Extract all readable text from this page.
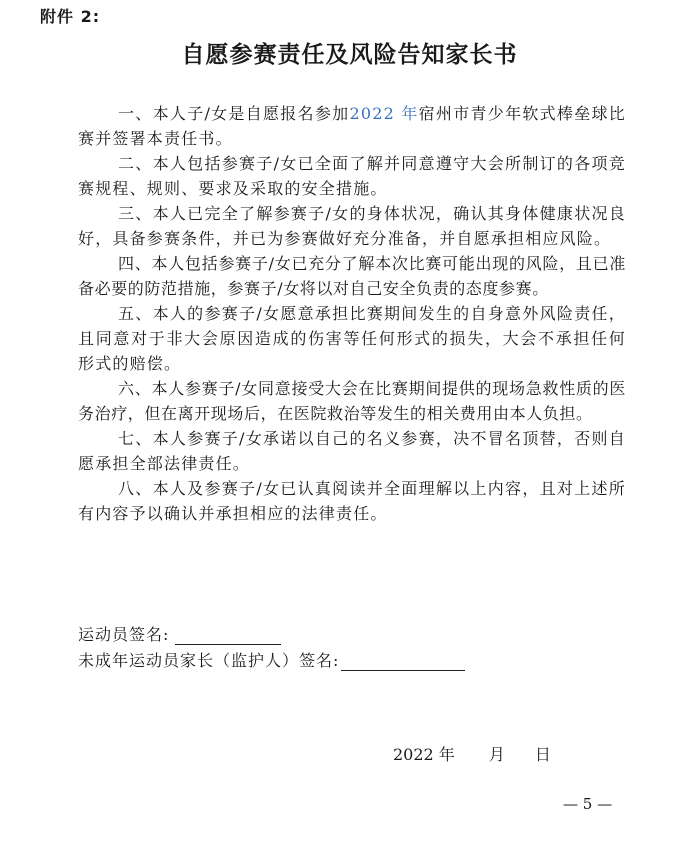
附件 2:
自愿参赛责任及风险告知家长书

一、本人子/女是自愿报名参加2022 年宿州市青少年软式棒垒球比赛并签署本责任书。

二、本人包括参赛子/女已全面了解并同意遵守大会所制订的各项竞赛规程、规则、要求及采取的安全措施。

三、本人已完全了解参赛子/女的身体状况，确认其身体健康状况良好，具备参赛条件，并已为参赛做好充分准备，并自愿承担相应风险。

四、本人包括参赛子/女已充分了解本次比赛可能出现的风险，且已准备必要的防范措施，参赛子/女将以对自己安全负责的态度参赛。

五、本人的参赛子/女愿意承担比赛期间发生的自身意外风险责任，且同意对于非大会原因造成的伤害等任何形式的损失，大会不承担任何形式的赔偿。

六、本人参赛子/女同意接受大会在比赛期间提供的现场急救性质的医务治疗，但在离开现场后，在医院救治等发生的相关费用由本人负担。

七、本人参赛子/女承诺以自己的名义参赛，决不冒名顶替，否则自愿承担全部法律责任。

八、本人及参赛子/女已认真阅读并全面理解以上内容，且对上述所有内容予以确认并承担相应的法律责任。

运动员签名:
未成年运动员家长（监护人）签名:
2022 年 月 日
— 5 —
